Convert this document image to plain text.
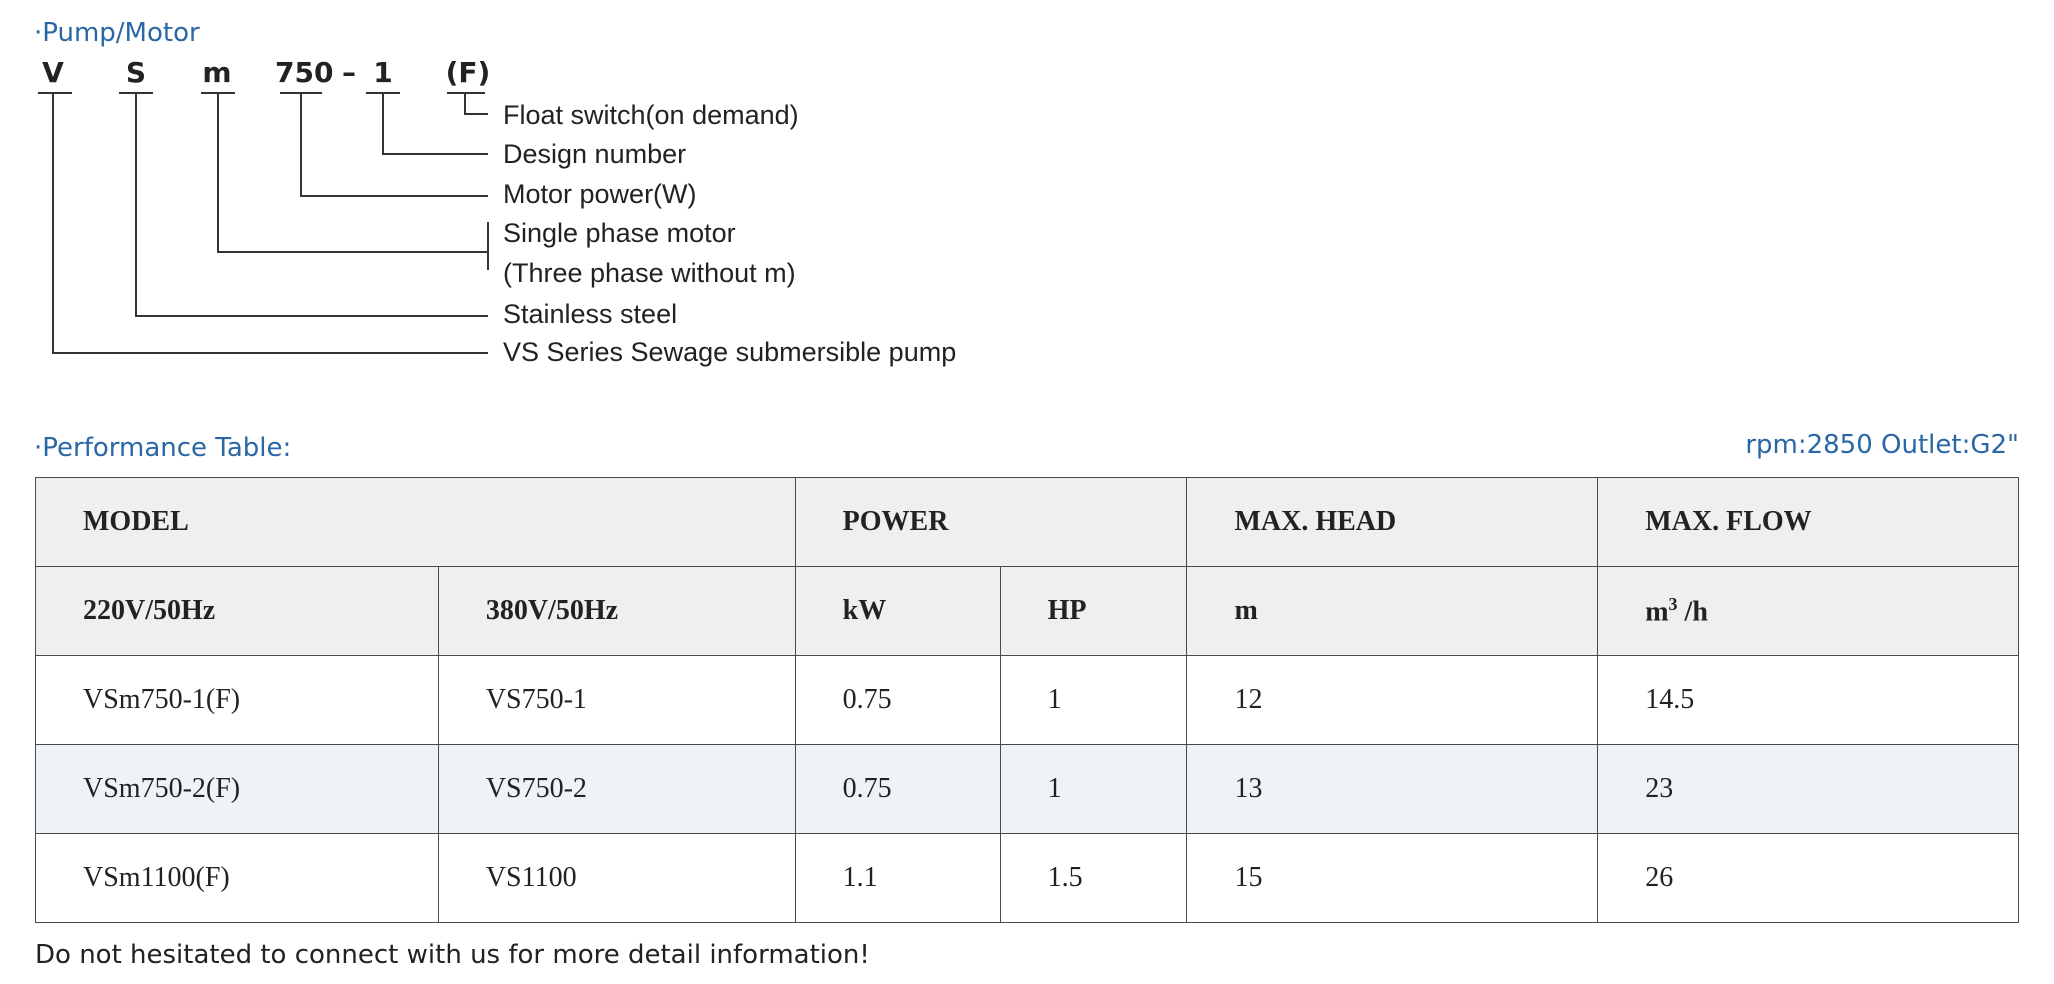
·Pump/Motor
V	S	m 750 – 1	(F)
Float switch(on demand)
Design number
Motor power(W)
Single phase motor
(Three phase without m)
Stainless steel
VS Series Sewage submersible pump
·Performance Table:	rpm:2850 Outlet:G2"
MODEL		POWER		MAX. HEAD	MAX. FLOW
220V/50Hz	380V/50Hz	kW	HP	m	$m^3$ /h
VSm750-1(F)	VS750-1	0.75	1	12	14.5
VSm750-2(F)	VS750-2	0.75	1	13	23
VSm1100(F)	VS1100	1.1	1.5	15	26
Do not hesitated to connect with us for more detail information!
